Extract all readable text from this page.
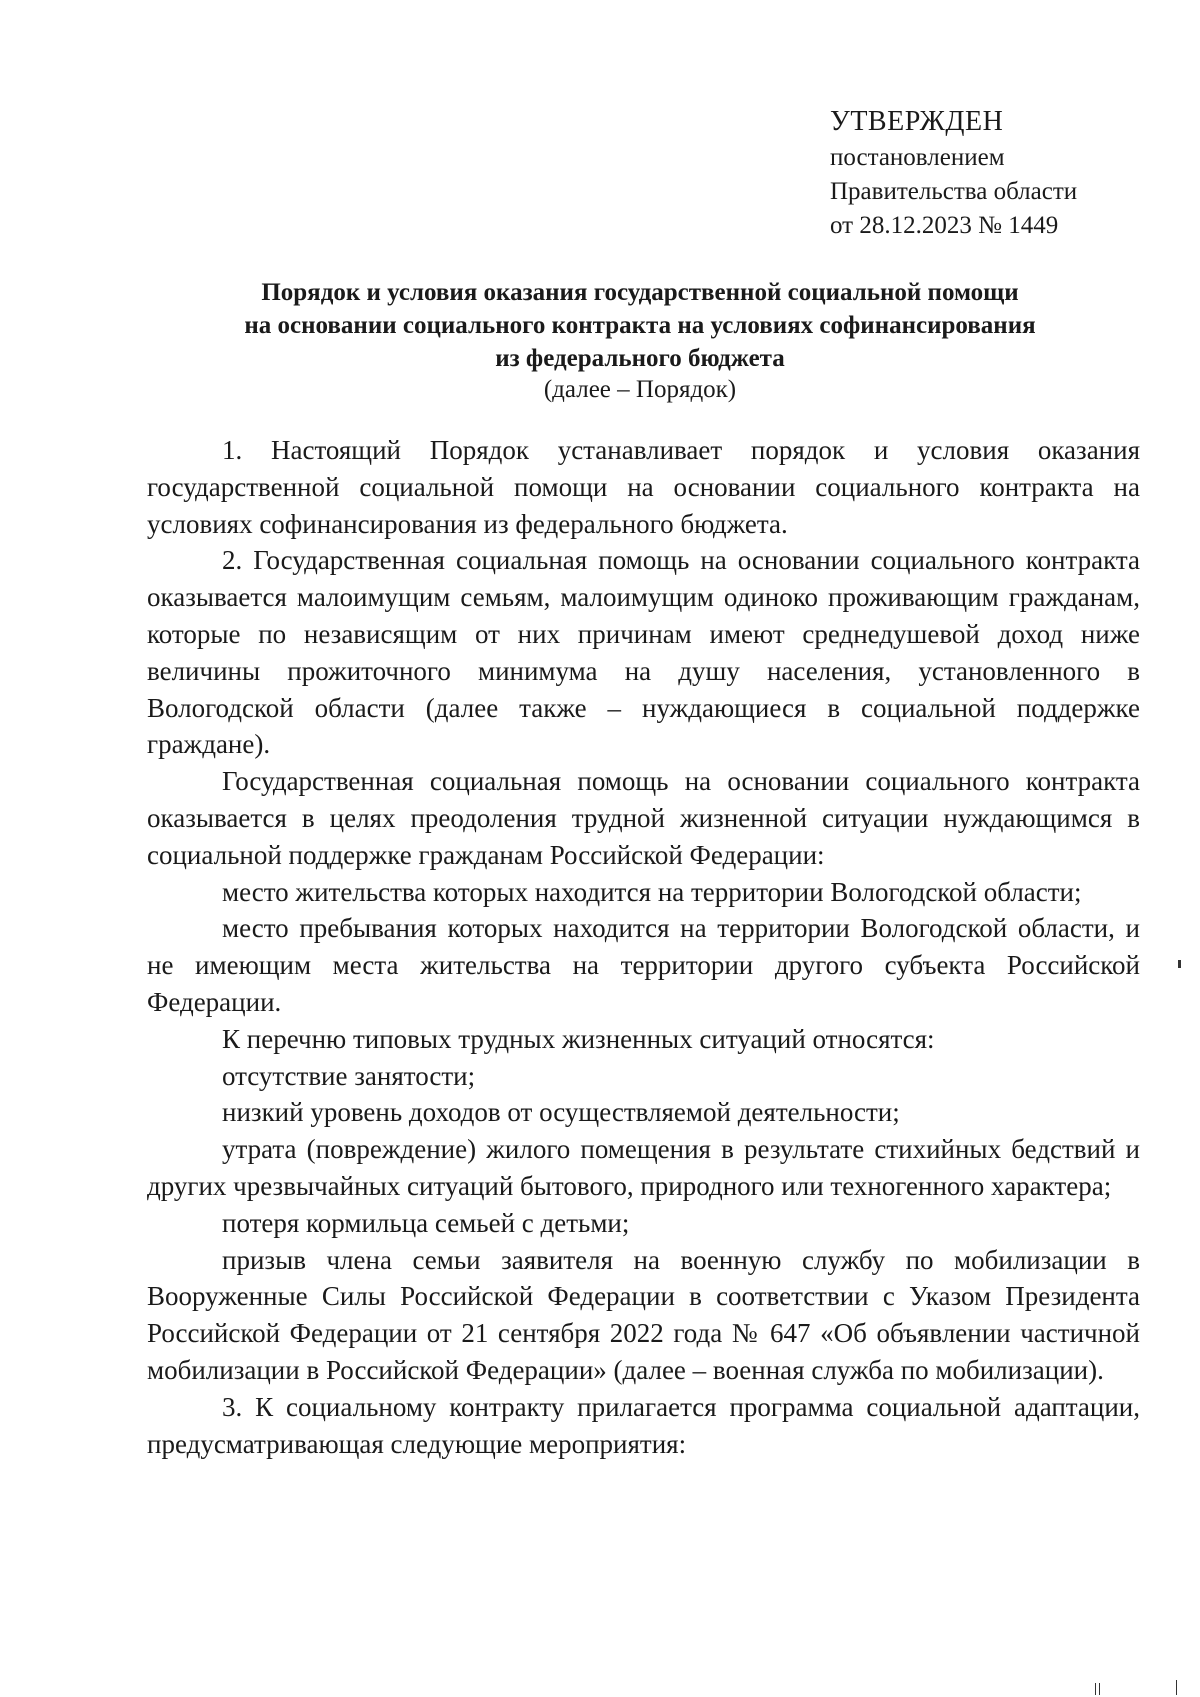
УТВЕРЖДЕН
постановлением
Правительства области
от 28.12.2023 № 1449
Порядок и условия оказания государственной социальной помощи
на основании социального контракта на условиях софинансирования
из федерального бюджета
(далее – Порядок)

1. Настоящий Порядок устанавливает порядок и условия оказания государственной социальной помощи на основании социального контракта на условиях софинансирования из федерального бюджета.

2. Государственная социальная помощь на основании социального контракта оказывается малоимущим семьям, малоимущим одиноко проживающим гражданам, которые по независящим от них причинам имеют среднедушевой доход ниже величины прожиточного минимума на душу населения, установленного в Вологодской области (далее также – нуждающиеся в социальной поддержке граждане).

Государственная социальная помощь на основании социального контракта оказывается в целях преодоления трудной жизненной ситуации нуждающимся в социальной поддержке гражданам Российской Федерации:

место жительства которых находится на территории Вологодской области;

место пребывания которых находится на территории Вологодской области, и не имеющим места жительства на территории другого субъекта Российской Федерации.

К перечню типовых трудных жизненных ситуаций относятся:

отсутствие занятости;

низкий уровень доходов от осуществляемой деятельности;

утрата (повреждение) жилого помещения в результате стихийных бедствий и других чрезвычайных ситуаций бытового, природного или техногенного характера;

потеря кормильца семьей с детьми;

призыв члена семьи заявителя на военную службу по мобилизации в Вооруженные Силы Российской Федерации в соответствии с Указом Президента Российской Федерации от 21 сентября 2022 года № 647 «Об объявлении частичной мобилизации в Российской Федерации» (далее – военная служба по мобилизации).

3. К социальному контракту прилагается программа социальной адаптации, предусматривающая следующие мероприятия:
